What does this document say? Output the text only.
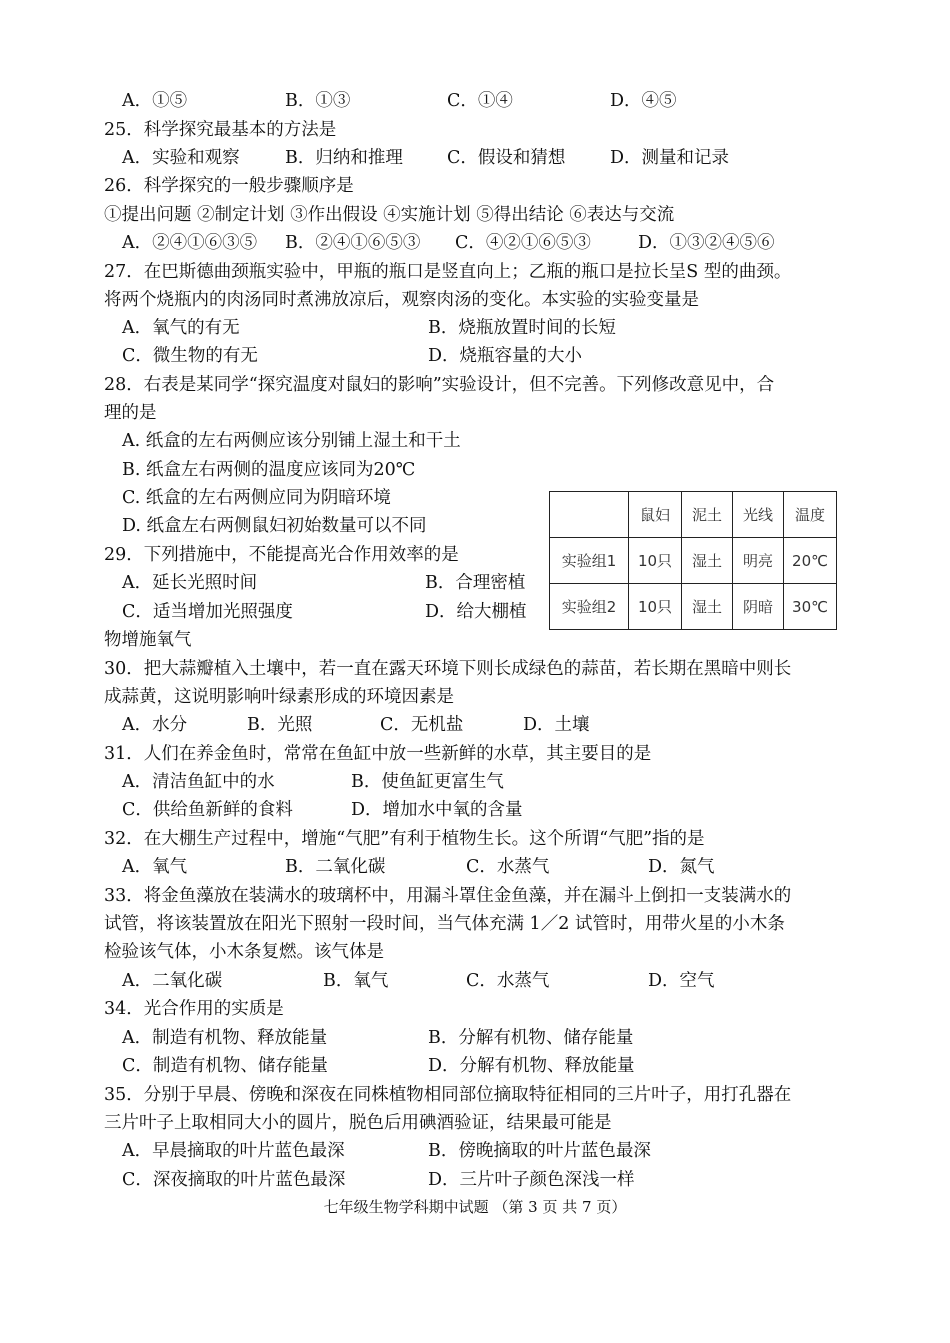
A．①⑤	B．①③	C．①④	D．④⑤
25．科学探究最基本的方法是
A．实验和观察	B．归纳和推理	C．假设和猜想	D．测量和记录
26．科学探究的一般步骤顺序是
①提出问题 ②制定计划 ③作出假设 ④实施计划 ⑤得出结论 ⑥表达与交流
A．②④①⑥③⑤ B．②④①⑥⑤③ C．④②①⑥⑤③	D．①③②④⑤⑥
27．在巴斯德曲颈瓶实验中，甲瓶的瓶口是竖直向上；乙瓶的瓶口是拉长呈S 型的曲颈。
将两个烧瓶内的肉汤同时煮沸放凉后，观察肉汤的变化。本实验的实验变量是
A．氧气的有无	B．烧瓶放置时间的长短
C．微生物的有无	D．烧瓶容量的大小
28．右表是某同学“探究温度对鼠妇的影响”实验设计，但不完善。下列修改意见中，合
理的是
A. 纸盒的左右两侧应该分别铺上湿土和干土
B. 纸盒左右两侧的温度应该同为20℃
C. 纸盒的左右两侧应同为阴暗环境
D. 纸盒左右两侧鼠妇初始数量可以不同
	鼠妇	泥土	光线	温度
实验组1	10只	湿土	明亮	20℃
实验组2	10只	湿土	阴暗	30℃
29．下列措施中，不能提高光合作用效率的是
A．延长光照时间	B．合理密植
C．适当增加光照强度	D．给大棚植
物增施氧气
30．把大蒜瓣植入土壤中，若一直在露天环境下则长成绿色的蒜苗，若长期在黑暗中则长
成蒜黄，这说明影响叶绿素形成的环境因素是
A．水分	B．光照	C．无机盐	D．土壤
31．人们在养金鱼时，常常在鱼缸中放一些新鲜的水草，其主要目的是
A．清洁鱼缸中的水	B．使鱼缸更富生气
C．供给鱼新鲜的食料	D．增加水中氧的含量
32．在大棚生产过程中，增施“气肥”有利于植物生长。这个所谓“气肥”指的是
A．氧气	B．二氧化碳	C．水蒸气	D．氮气
33．将金鱼藻放在装满水的玻璃杯中，用漏斗罩住金鱼藻，并在漏斗上倒扣一支装满水的
试管，将该装置放在阳光下照射一段时间，当气体充满 1／2 试管时，用带火星的小木条
检验该气体，小木条复燃。该气体是
A．二氧化碳	B．氧气	C．水蒸气	D．空气
34．光合作用的实质是
A．制造有机物、释放能量	B．分解有机物、储存能量
C．制造有机物、储存能量	D．分解有机物、释放能量
35．分别于早晨、傍晚和深夜在同株植物相同部位摘取特征相同的三片叶子，用打孔器在
三片叶子上取相同大小的圆片，脱色后用碘酒验证，结果最可能是
A．早晨摘取的叶片蓝色最深	B．傍晚摘取的叶片蓝色最深
C．深夜摘取的叶片蓝色最深	D．三片叶子颜色深浅一样
七年级生物学科期中试题 （第 3 页 共 7 页）
